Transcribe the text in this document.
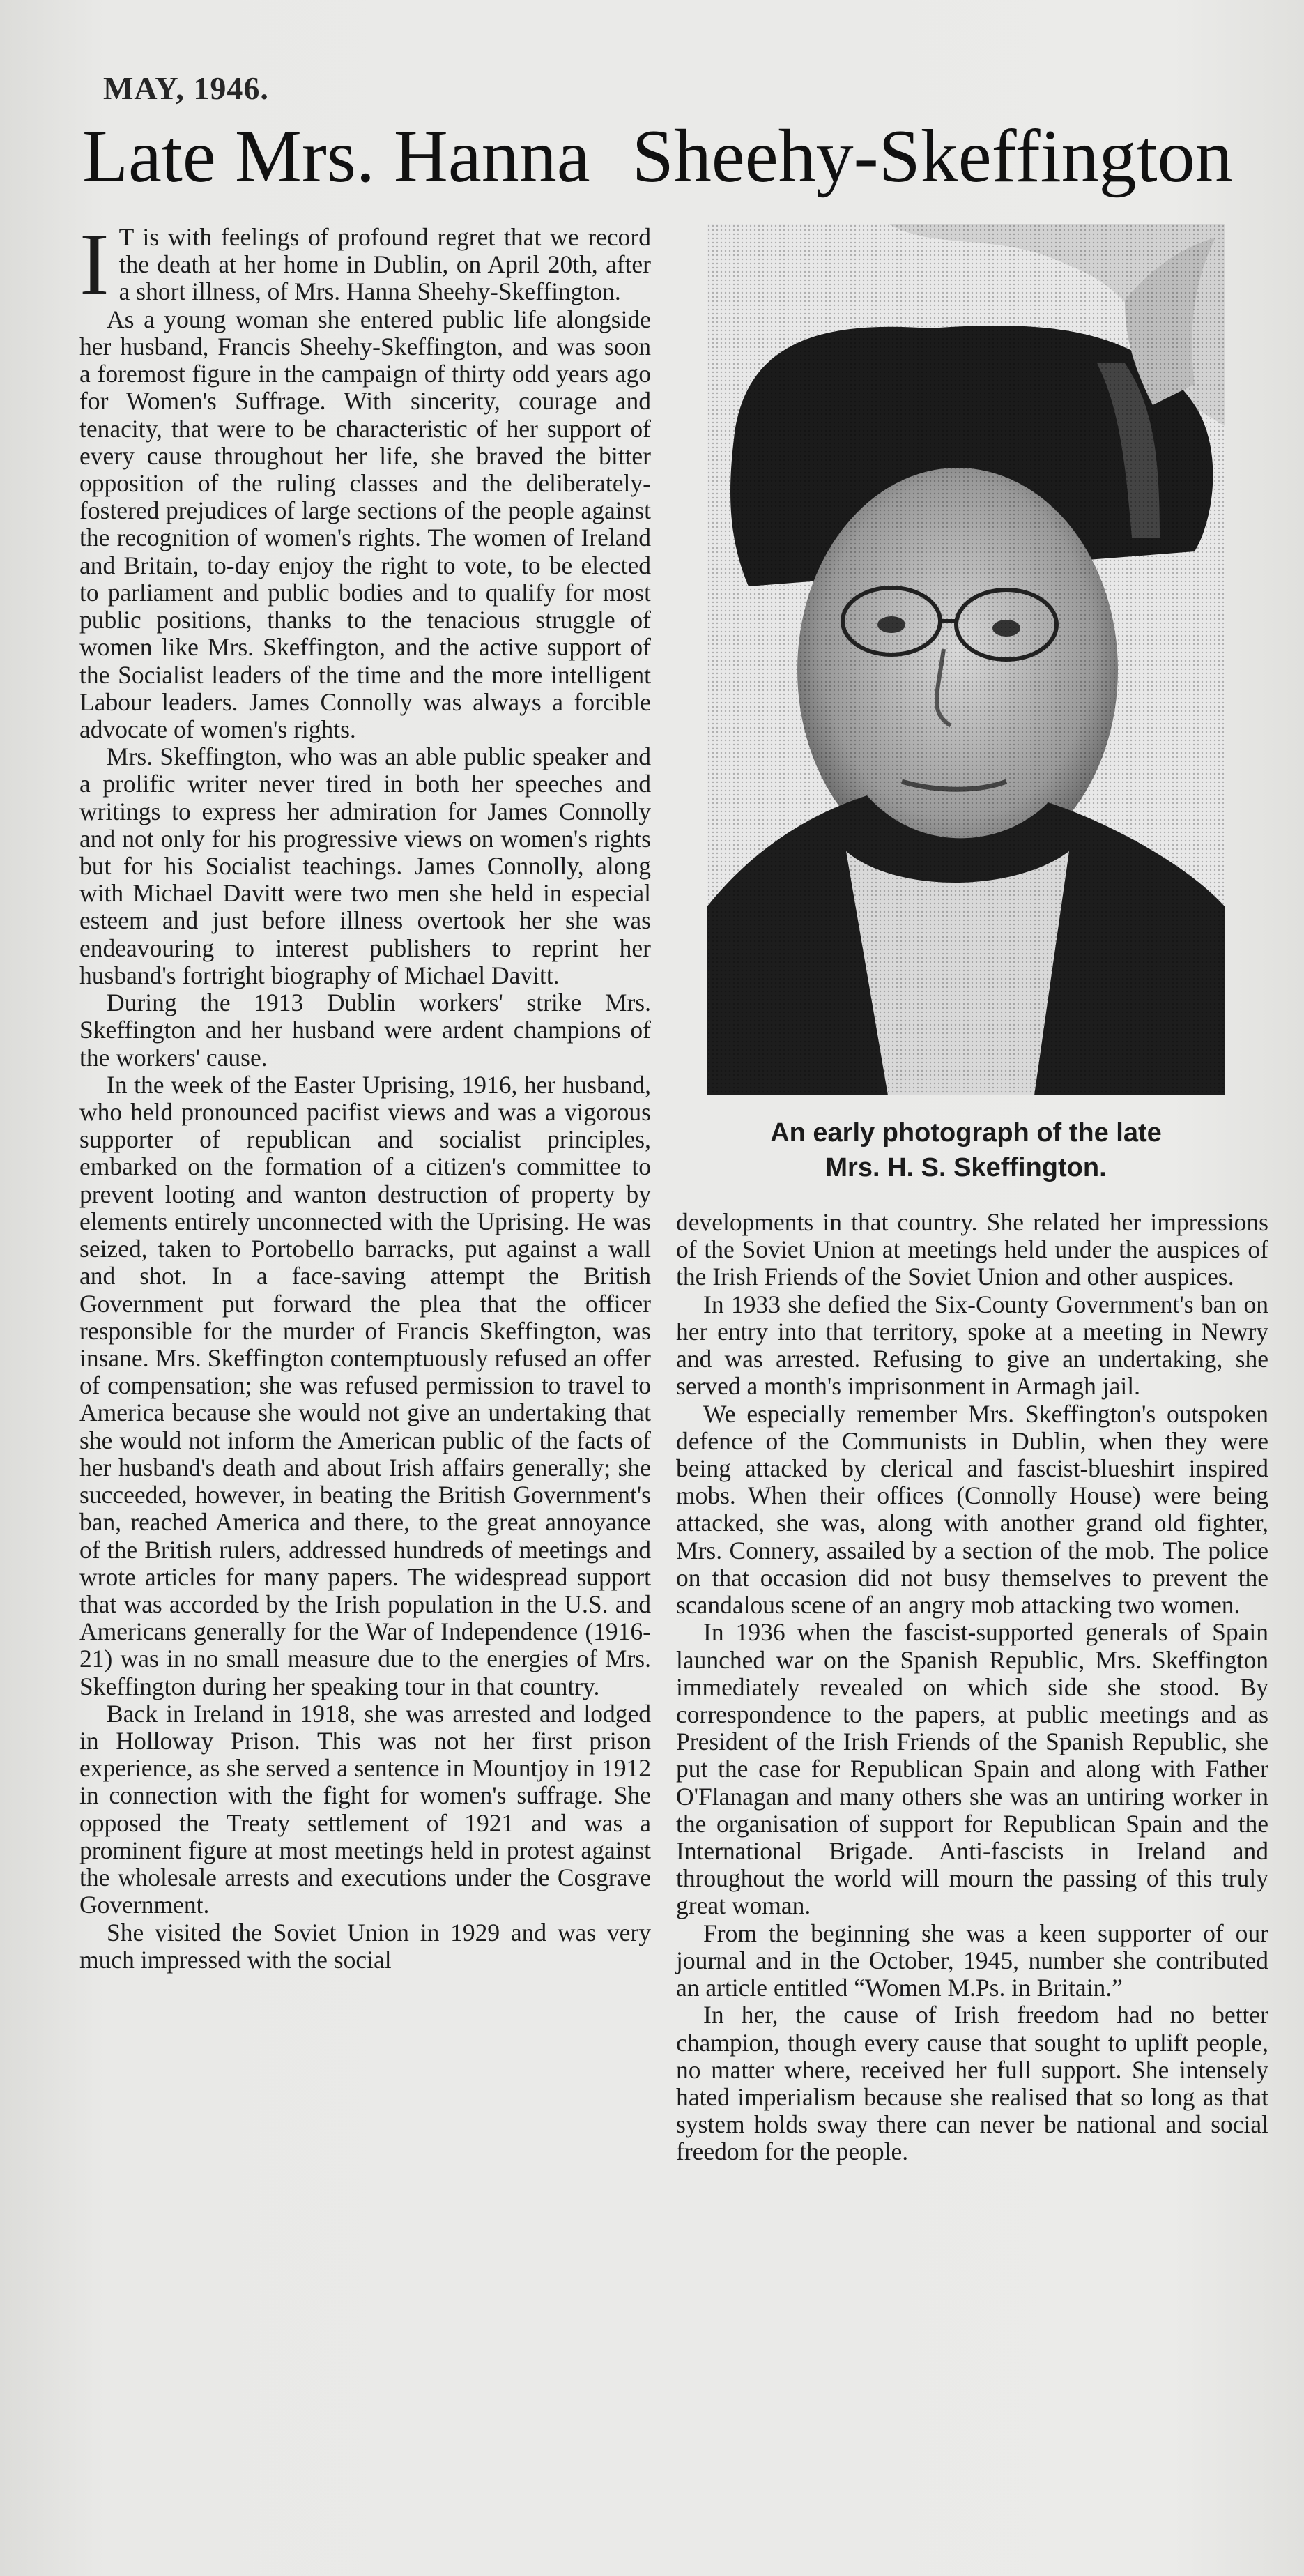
MAY, 1946.
Late Mrs. Hanna Sheehy-Skeffington

I T is with feelings of profound regret that we record the death at her home in Dublin, on April 20th, after a short illness, of Mrs. Hanna Sheehy-Skeffington.

As a young woman she entered public life alongside her husband, Francis Sheehy-Skeffington, and was soon a foremost figure in the campaign of thirty odd years ago for Women's Suffrage. With sincerity, courage and tenacity, that were to be characteristic of her support of every cause throughout her life, she braved the bitter opposition of the ruling classes and the deliberately-fostered prejudices of large sections of the people against the recognition of women's rights. The women of Ireland and Britain, to-day enjoy the right to vote, to be elected to parliament and public bodies and to qualify for most public positions, thanks to the tenacious struggle of women like Mrs. Skeffington, and the active support of the Socialist leaders of the time and the more intelligent Labour leaders. James Connolly was always a forcible advocate of women's rights.

Mrs. Skeffington, who was an able public speaker and a prolific writer never tired in both her speeches and writings to express her admiration for James Connolly and not only for his progressive views on women's rights but for his Socialist teachings. James Connolly, along with Michael Davitt were two men she held in especial esteem and just before illness overtook her she was endeavouring to interest publishers to reprint her husband's fortright biography of Michael Davitt.

During the 1913 Dublin workers' strike Mrs. Skeffington and her husband were ardent champions of the workers' cause.

In the week of the Easter Uprising, 1916, her husband, who held pronounced pacifist views and was a vigorous supporter of republican and socialist principles, embarked on the formation of a citizen's committee to prevent looting and wanton destruction of property by elements entirely unconnected with the Uprising. He was seized, taken to Portobello barracks, put against a wall and shot. In a face-saving attempt the British Government put forward the plea that the officer responsible for the murder of Francis Skeffington, was insane. Mrs. Skeffington contemptuously refused an offer of compensation; she was refused permission to travel to America because she would not give an undertaking that she would not inform the American public of the facts of her husband's death and about Irish affairs generally; she succeeded, however, in beating the British Government's ban, reached America and there, to the great annoyance of the British rulers, addressed hundreds of meetings and wrote articles for many papers. The widespread support that was accorded by the Irish population in the U.S. and Americans generally for the War of Independence (1916-21) was in no small measure due to the energies of Mrs. Skeffington during her speaking tour in that country.

Back in Ireland in 1918, she was arrested and lodged in Holloway Prison. This was not her first prison experience, as she served a sentence in Mountjoy in 1912 in connection with the fight for women's suffrage. She opposed the Treaty settlement of 1921 and was a prominent figure at most meetings held in protest against the wholesale arrests and executions under the Cosgrave Government.

She visited the Soviet Union in 1929 and was very much impressed with the social

An early photograph of the late
Mrs. H. S. Skeffington.

developments in that country. She related her impressions of the Soviet Union at meetings held under the auspices of the Irish Friends of the Soviet Union and other auspices.

In 1933 she defied the Six-County Government's ban on her entry into that territory, spoke at a meeting in Newry and was arrested. Refusing to give an undertaking, she served a month's imprisonment in Armagh jail.

We especially remember Mrs. Skeffington's outspoken defence of the Communists in Dublin, when they were being attacked by clerical and fascist-blueshirt inspired mobs. When their offices (Connolly House) were being attacked, she was, along with another grand old fighter, Mrs. Connery, assailed by a section of the mob. The police on that occasion did not busy themselves to prevent the scandalous scene of an angry mob attacking two women.

In 1936 when the fascist-supported generals of Spain launched war on the Spanish Republic, Mrs. Skeffington immediately revealed on which side she stood. By correspondence to the papers, at public meetings and as President of the Irish Friends of the Spanish Republic, she put the case for Republican Spain and along with Father O'Flanagan and many others she was an untiring worker in the organisation of support for Republican Spain and the International Brigade. Anti-fascists in Ireland and throughout the world will mourn the passing of this truly great woman.

From the beginning she was a keen supporter of our journal and in the October, 1945, number she contributed an article entitled “Women M.Ps. in Britain.”

In her, the cause of Irish freedom had no better champion, though every cause that sought to uplift people, no matter where, received her full support. She intensely hated imperialism because she realised that so long as that system holds sway there can never be national and social freedom for the people.
